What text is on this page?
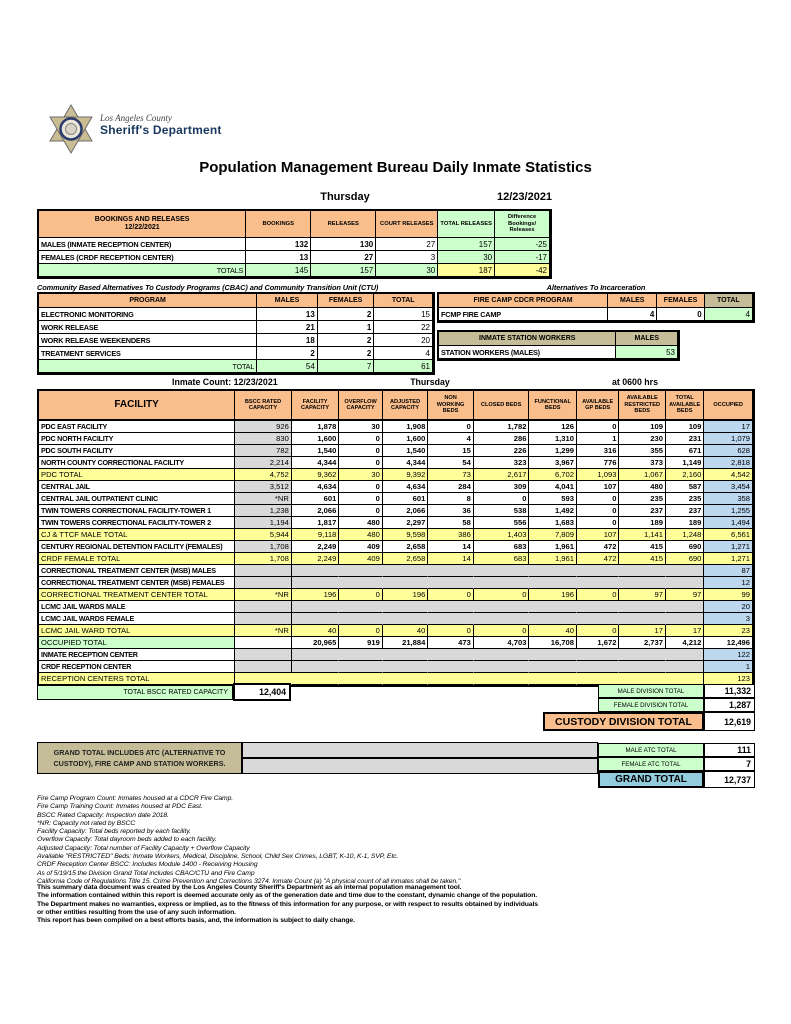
Los Angeles County
Sheriff's Department
Population Management Bureau Daily Inmate Statistics
Thursday	12/23/2021
BOOKINGS AND RELEASES
12/22/2021	BOOKINGS	RELEASES	COURT RELEASES	TOTAL RELEASES	Difference Bookings/ Releases
MALES (INMATE RECEPTION CENTER)	132	130	27	157	-25
FEMALES (CRDF RECEPTION CENTER)	13	27	3	30	-17
TOTALS	145	157	30	187	-42
Community Based Alternatives To Custody Programs (CBAC) and Community Transition Unit (CTU)
PROGRAM	MALES	FEMALES	TOTAL
ELECTRONIC MONITORING	13	2	15
WORK RELEASE	21	1	22
WORK RELEASE WEEKENDERS	18	2	20
TREATMENT SERVICES	2	2	4
TOTAL	54	7	61
Alternatives To Incarceration
FIRE CAMP CDCR PROGRAM	MALES	FEMALES	TOTAL
FCMP FIRE CAMP	4	0	4
INMATE STATION WORKERS	MALES
STATION WORKERS (MALES)	53
Inmate Count: 12/23/2021	Thursday	at 0600 hrs
FACILITY	BSCC RATED CAPACITY	FACILITY CAPACITY	OVERFLOW CAPACITY	ADJUSTED CAPACITY	NON WORKING BEDS	CLOSED BEDS	FUNCTIONAL BEDS	AVAILABLE GP BEDS	AVAILABLE RESTRICTED BEDS	TOTAL AVAILABLE BEDS	OCCUPIED
PDC EAST FACILITY	926	1,878	30	1,908	0	1,782	126	0	109	109	17
PDC NORTH FACILITY	830	1,600	0	1,600	4	286	1,310	1	230	231	1,079
PDC SOUTH FACILITY	782	1,540	0	1,540	15	226	1,299	316	355	671	628
NORTH COUNTY CORRECTIONAL FACILITY	2,214	4,344	0	4,344	54	323	3,967	776	373	1,149	2,818
PDC TOTAL	4,752	9,362	30	9,392	73	2,617	6,702	1,093	1,067	2,160	4,542
CENTRAL JAIL	3,512	4,634	0	4,634	284	309	4,041	107	480	587	3,454
CENTRAL JAIL OUTPATIENT CLINIC	*NR	601	0	601	8	0	593	0	235	235	358
TWIN TOWERS CORRECTIONAL FACILITY-TOWER 1	1,238	2,066	0	2,066	36	538	1,492	0	237	237	1,255
TWIN TOWERS CORRECTIONAL FACILITY-TOWER 2	1,194	1,817	480	2,297	58	556	1,683	0	189	189	1,494
CJ & TTCF MALE TOTAL	5,944	9,118	480	9,598	386	1,403	7,809	107	1,141	1,248	6,561
CENTURY REGIONAL DETENTION FACILITY (FEMALES)	1,708	2,249	409	2,658	14	683	1,961	472	415	690	1,271
CRDF FEMALE TOTAL	1,708	2,249	409	2,658	14	683	1,961	472	415	690	1,271
CORRECTIONAL TREATMENT CENTER (MSB) MALES											87
CORRECTIONAL TREATMENT CENTER (MSB) FEMALES											12
CORRECTIONAL TREATMENT CENTER TOTAL	*NR	196	0	196	0	0	196	0	97	97	99
LCMC JAIL WARDS MALE											20
LCMC JAIL WARDS FEMALE											3
LCMC JAIL WARD TOTAL	*NR	40	0	40	0	0	40	0	17	17	23
OCCUPIED TOTAL		20,965	919	21,884	473	4,703	16,708	1,672	2,737	4,212	12,496
INMATE RECEPTION CENTER											122
CRDF RECEPTION CENTER											1
RECEPTION CENTERS TOTAL											123
TOTAL BSCC RATED CAPACITY	12,404	MALE DIVISION TOTAL	11,332
FEMALE DIVISION TOTAL	1,287
CUSTODY DIVISION TOTAL	12,619
GRAND TOTAL INCLUDES ATC (ALTERNATIVE TO
CUSTODY), FIRE CAMP AND STATION WORKERS.
MALE ATC TOTAL	111
FEMALE ATC TOTAL	7
GRAND TOTAL	12,737
Fire Camp Program Count: Inmates housed at a CDCR Fire Camp.
Fire Camp Training Count: Inmates housed at PDC East.
BSCC Rated Capacity: Inspection date 2018.
*NR: Capacity not rated by BSCC
Facility Capacity: Total beds reported by each facility.
Overflow Capacity: Total dayroom beds added to each facility.
Adjusted Capacity: Total number of Facility Capacity + Overflow Capacity
Available "RESTRICTED" Beds: Inmate Workers, Medical, Discipline, School, Child Sex Crimes, LGBT, K-10, K-1, SVP, Etc.
CRDF Reception Center BSCC: Includes Module 1400 - Receiving Housing
As of 5/19/15 the Division Grand Total includes CBAC/CTU and Fire Camp
California Code of Regulations Title 15. Crime Prevention and Corrections 3274. Inmate Count (a) "A physical count of all inmates shall be taken."
This summary data document was created by the Los Angeles County Sheriff's Department as an internal population management tool.
The information contained within this report is deemed accurate only as of the generation date and time due to the constant, dynamic change of the population.
The Department makes no warranties, express or implied, as to the fitness of this information for any purpose, or with respect to results obtained by individuals
or other entities resulting from the use of any such information.
This report has been compiled on a best efforts basis, and, the information is subject to daily change.
